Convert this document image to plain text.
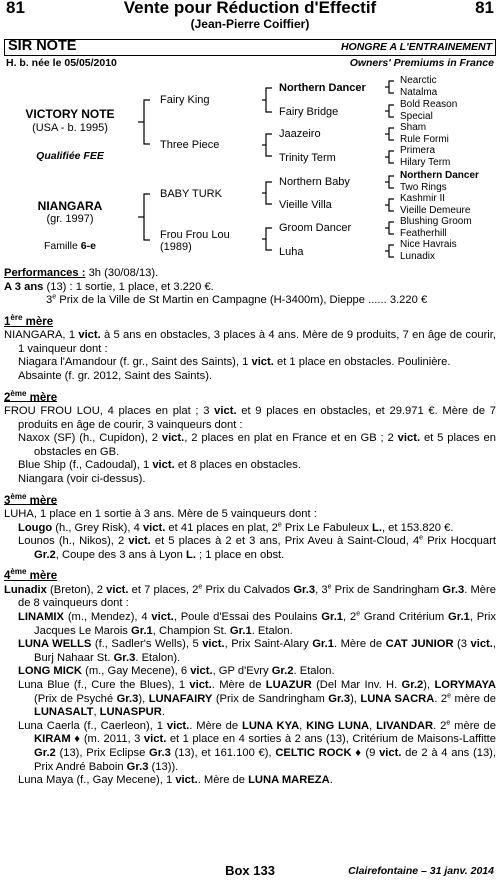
81	Vente pour Réduction d'Effectif	81
(Jean-Pierre Coiffier)
SIR NOTE	HONGRE A L'ENTRAINEMENT
H. b. née le 05/05/2010	Owners' Premiums in France
VICTORY NOTE
(USA - b. 1995)
Qualifiée FEE
NIANGARA
(gr. 1997)
Famille 6-e
Fairy King
Three Piece
BABY TURK
Frou Frou Lou
(1989)
Northern Dancer
Fairy Bridge
Jaazeiro
Trinity Term
Northern Baby
Vieille Villa
Groom Dancer
Luha
Nearctic
Natalma
Bold Reason
Special
Sham
Rule Formi
Primera
Hilary Term
Northern Dancer
Two Rings
Kashmir II
Vieille Demeure
Blushing Groom
Featherhill
Nice Havrais
Lunadix

Performances : 3h (30/08/13).

A 3 ans (13) : 1 sortie, 1 place, et 3.220 €.

3e Prix de la Ville de St Martin en Campagne (H-3400m), Dieppe ...... 3.220 €

1ère mère

NIANGARA, 1 vict. à 5 ans en obstacles, 3 places à 4 ans. Mère de 9 produits, 7 en âge de courir, 1 vainqueur dont :

Niagara l'Amandour (f. gr., Saint des Saints), 1 vict. et 1 place en obstacles. Poulinière.

Absainte (f. gr. 2012, Saint des Saints).

2ème mère

FROU FROU LOU, 4 places en plat ; 3 vict. et 9 places en obstacles, et 29.971 €. Mère de 7 produits en âge de courir, 3 vainqueurs dont :

Naxox (SF) (h., Cupidon), 2 vict., 2 places en plat en France et en GB ; 2 vict. et 5 places en obstacles en GB.

Blue Ship (f., Cadoudal), 1 vict. et 8 places en obstacles.

Niangara (voir ci-dessus).

3ème mère

LUHA, 1 place en 1 sortie à 3 ans. Mère de 5 vainqueurs dont :

Lougo (h., Grey Risk), 4 vict. et 41 places en plat, 2e Prix Le Fabuleux L., et 153.820 €.

Lounos (h., Nikos), 2 vict. et 5 places à 2 et 3 ans, Prix Aveu à Saint-Cloud, 4e Prix Hocquart Gr.2, Coupe des 3 ans à Lyon L. ; 1 place en obst.

4ème mère

Lunadix (Breton), 2 vict. et 7 places, 2e Prix du Calvados Gr.3, 3e Prix de Sandringham Gr.3. Mère de 8 vainqueurs dont :

LINAMIX (m., Mendez), 4 vict., Poule d'Essai des Poulains Gr.1, 2e Grand Critérium Gr.1, Prix Jacques Le Marois Gr.1, Champion St. Gr.1. Etalon.

LUNA WELLS (f., Sadler's Wells), 5 vict., Prix Saint-Alary Gr.1. Mère de CAT JUNIOR (3 vict., Burj Nahaar St. Gr.3. Etalon).

LONG MICK (m., Gay Mecene), 6 vict., GP d'Evry Gr.2. Etalon.

Luna Blue (f., Cure the Blues), 1 vict.. Mère de LUAZUR (Del Mar Inv. H. Gr.2), LORYMAYA (Prix de Psyché Gr.3), LUNAFAIRY (Prix de Sandringham Gr.3), LUNA SACRA. 2e mère de LUNASALT, LUNASPUR.

Luna Caerla (f., Caerleon), 1 vict.. Mère de LUNA KYA, KING LUNA, LIVANDAR. 2e mère de KIRAM ♦ (m. 2011, 3 vict. et 1 place en 4 sorties à 2 ans (13), Critérium de Maisons-Laffitte Gr.2 (13), Prix Eclipse Gr.3 (13), et 161.100 €), CELTIC ROCK ♦ (9 vict. de 2 à 4 ans (13), Prix André Baboin Gr.3 (13)).

Luna Maya (f., Gay Mecene), 1 vict.. Mère de LUNA MAREZA.

Box 133	Clairefontaine – 31 janv. 2014
